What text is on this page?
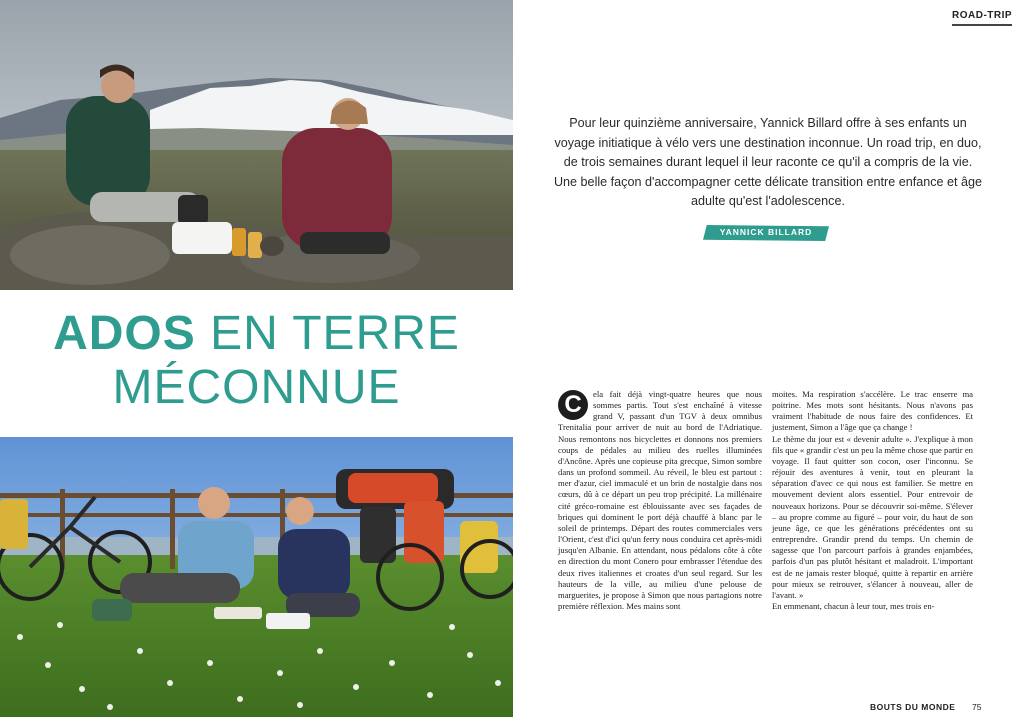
ROAD-TRIP
ADOS EN TERRE
MÉCONNUE
Pour leur quinzième anniversaire, Yannick Billard offre à ses enfants un voyage initiatique à vélo vers une destination inconnue. Un road trip, en duo, de trois semaines durant lequel il leur raconte ce qu'il a compris de la vie. Une belle façon d'accompagner cette délicate transition entre enfance et âge adulte qu'est l'adolescence.
YANNICK BILLARD
C	ela fait déjà vingt-quatre heures que nous sommes partis. Tout s'est enchaîné à vitesse grand V, passant d'un TGV à deux omnibus Trenitalia pour arriver de nuit au bord de l'Adriatique. Nous remontons nos bicyclettes et donnons nos premiers coups de pédales au milieu des ruelles illuminées d'Ancône. Après une copieuse pita grecque, Simon sombre dans un profond sommeil. Au réveil, le bleu est partout : mer d'azur, ciel immaculé et un brin de nostalgie dans nos cœurs, dû à ce départ un peu trop précipité. La millénaire cité gréco-romaine est éblouissante avec ses façades de briques qui dominent le port déjà chauffé à blanc par le soleil de printemps. Départ des routes commerciales vers l'Orient, c'est d'ici qu'un ferry nous conduira cet après-midi jusqu'en Albanie. En attendant, nous pédalons côte à côte en direction du mont Conero pour embrasser l'étendue des deux rives italiennes et croates d'un seul regard. Sur les hauteurs de la ville, au milieu d'une pelouse de marguerites, je propose à Simon que nous partagions notre première réflexion. Mes mains sont

moites. Ma respiration s'accélère. Le trac enserre ma poitrine. Mes mots sont hésitants. Nous n'avons pas vraiment l'habitude de nous faire des confidences. Et justement, Simon a l'âge que ça change !

Le thème du jour est « devenir adulte ». J'explique à mon fils que « grandir c'est un peu la même chose que partir en voyage. Il faut quitter son cocon, oser l'inconnu. Se réjouir des aventures à venir, tout en pleurant la séparation d'avec ce qui nous est familier. Se mettre en mouvement devient alors essentiel. Pour entrevoir de nouveaux horizons. Pour se découvrir soi-même. S'élever – au propre comme au figuré – pour voir, du haut de son jeune âge, ce que les générations précédentes ont su entreprendre. Grandir prend du temps. Un chemin de sagesse que l'on parcourt parfois à grandes enjambées, parfois d'un pas plutôt hésitant et maladroit. L'important est de ne jamais rester bloqué, quitte à repartir en arrière pour mieux se retrouver, s'élancer à nouveau, aller de l'avant. »

En emmenant, chacun à leur tour, mes trois en-

BOUTS DU MONDE 75
